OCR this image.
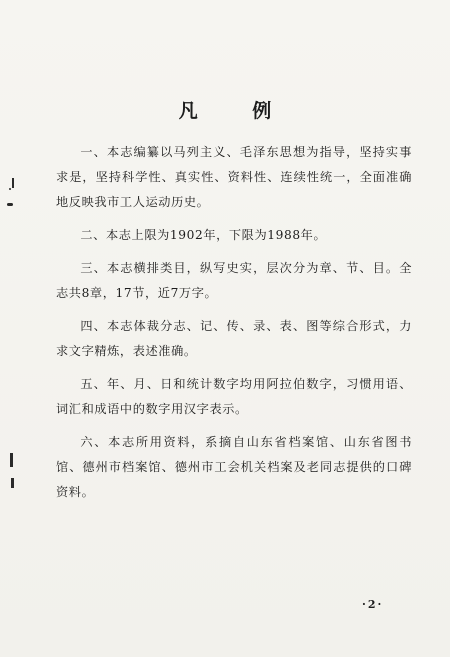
凡 例

一、本志编纂以马列主义、毛泽东思想为指导，坚持实事求是，坚持科学性、真实性、资料性、连续性统一，全面准确地反映我市工人运动历史。

二、本志上限为1902年，下限为1988年。

三、本志横排类目，纵写史实，层次分为章、节、目。全志共8章，17节，近7万字。

四、本志体裁分志、记、传、录、表、图等综合形式，力求文字精炼，表述准确。

五、年、月、日和统计数字均用阿拉伯数字，习惯用语、词汇和成语中的数字用汉字表示。

六、本志所用资料，系摘自山东省档案馆、山东省图书馆、德州市档案馆、德州市工会机关档案及老同志提供的口碑资料。

·2·
